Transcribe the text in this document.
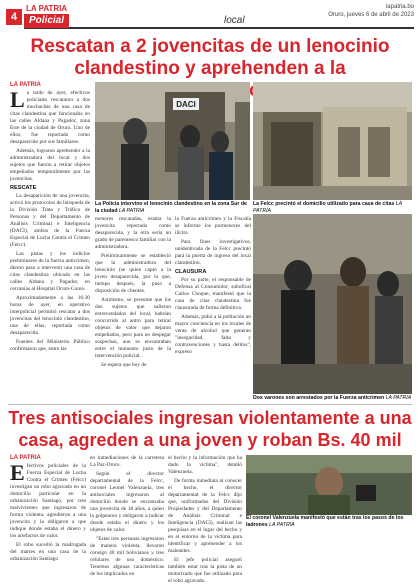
4
LA PATRIA
Policial	local
lapatria.bo
Oruro, jueves 6 de abril de 2023
Rescatan a 2 jovencitas de un lenocinio clandestino y aprehenden a la
LA PATRIA
L a tarde de ayer, efectivos policiales rescataron a dos muchachas de una casa de citas clandestina que funcionaba en las calles Aldana y Pagador, zona Este de la ciudad de Oruro. Uno de ellos, fue reportado como desaparecido por sus familiares.

Además, lograron aprehender a la administradora del local y dos sujetos que fueron a retirar objetos empeñados temporalmente por las jovencitas.

RESCATE

La desaparición de una jovencita, activó los protocolos de búsqueda de la División Trata y Tráfico de Personas y del Departamento de Análisis Criminal e Inteligencia (DACI), ambos de la Fuerza Especial de Lucha Contra el Crimen (Felcc).

Las pistas y los indicios preliminares de la fuerza anticrimen, dieron paso a intervenir una casa de citas clandestina ubicada en las calles Aldana y Pagador, en cercanías al Hospital Oruro-Corea.

Aproximadamente a las 16:30 horas de ayer, en operativo interpolicial permitió rescatar a dos jovencitas del lenocinio clandestino, una de ellas, reportada como desaparecida.

Fuentes del Ministerio Público confirmaron que, entre las

DACI
La Policía intervino el lenocinio clandestino en la zona Sur de la ciudad LA PATRIA
La Felcc precintó el domicilio utilizado para casa de citas LA PATRIA

menores rescatadas, estaba la jovencita reportada como desaparecida, y la otra sería un grado de parentesco familiar con la administradora.

Preliminarmente se estableció que la administradora del lenocinio (se quien captó a la joven desaparecida, por lo que, tiempo después, la puso a disposición de clientes.

Asimismo, se presume que los dos sujetos que salieron entrevendados del local, habrían concurrido al antro para retirar objetos de valor que dejaron empeñados, pero para no despegar sospechas, aun se encontraban entre el momento justo de la intervención policial.

Se espera que hoy de

la Fuerza anticrimen y la Fiscalía se informe los pormenores del ilícito.

Para fines investigativos, unidentivada de la Felcc precintó pará la puerta de ingreso del local clandestino.

CLAUSURA

Por su parte, el responsable de Defensa al Consumidor, subofical Carlos Choque, manifestó que la casa de citas clandestina fue clausurada de forma definitiva.

Además, pidió a la población un mayor conciencia en los locales de venta de alcohol que generan "inseguridad, falta y contravenciones y hasta delitos", expresó

Dos varones son arrestados por la Fuerza anticrimen LA PATRIA
Tres antisociales ingresan violentamente a una casa, agreden a una joven y roban Bs. 40 mil
LA PATRIA
E fectivos policiales de la Fuerza Especial de Lucha Contra el Crimen (Felcc) investigan un robo agravado en un domicilio particular en la urbanización Santiago, por tres malvivientes que ingresaron de forma violenta, agredieron a una jovencita y la obligaron a que indique donde estaba el dinero y los artefactos de valor.

El robo sucedió la madrugada del martes en una casa de la urbanización Santiago

en inmediaciones de la carretera La Paz-Oruro.

Según el director departamental de la Felcc, coronel Leonel Valenzuela, tres antisociales ingresaron al domicilio donde se encontraba una jovencita de 18 años, a quien la golpearon y obligaron a indicar donde estaba el dinero y los objetos de valor.

"Estas tres personas ingresaron de manera violenta, llevaron consigo 40 mil bolivianos y tres celulares de uso doméstico. Tenemos algunas características de los implicados en

el hecho y la información que ha dado la víctima", detalló Valenzuela.

De forma inmediata al conocer el hecho, el director departamental de la Felcc dijo que, uniformados del División Propiedades y del Departamento de Análisis Criminal e Inteligencia (DACI), realizan las pesquisas en el lugar del hecho y en el entorno de la víctima para identificar y aprehender a los maleantes.

El jefe policial aseguró también estar tras la pista de un motorizado que fue utilizado para el robo agravado.

El coronel Valenzuela manifestó que están tras los pasos de los ladrones LA PATRIA
